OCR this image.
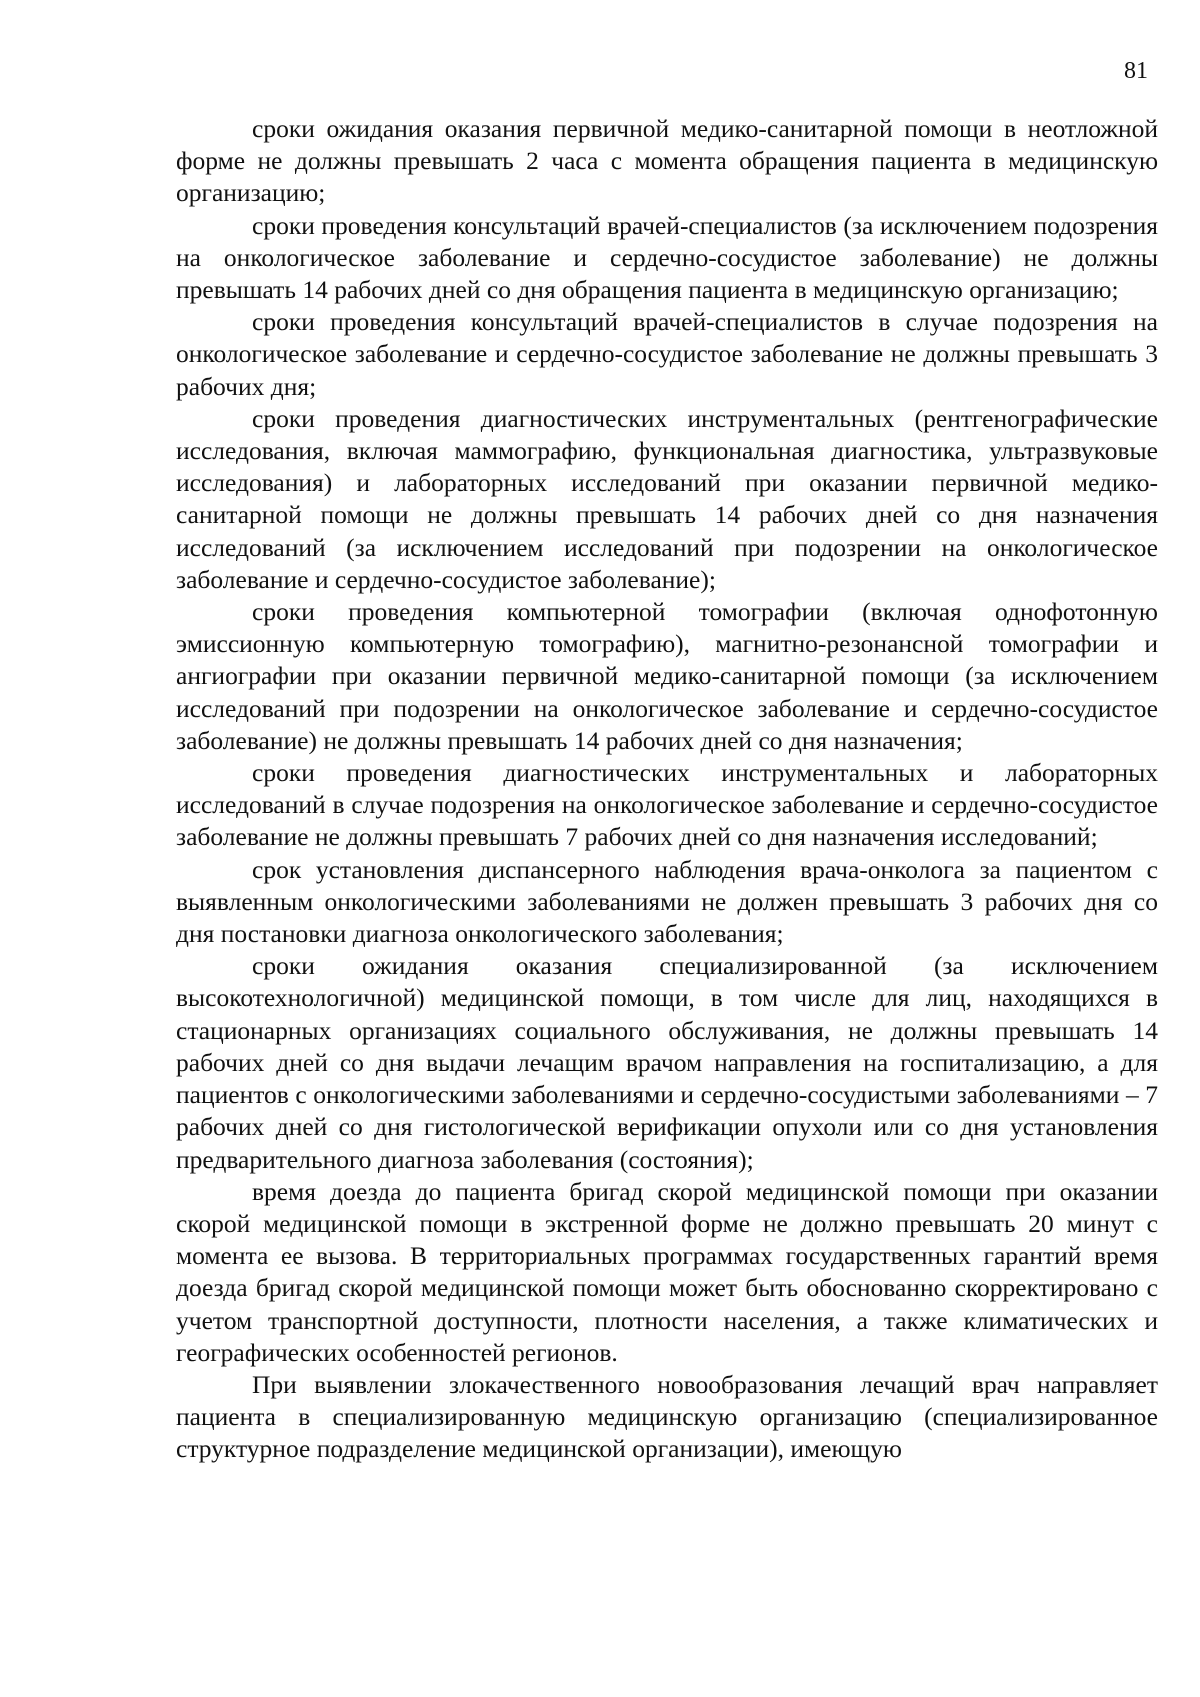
81

сроки ожидания оказания первичной медико-санитарной помощи в неотложной форме не должны превышать 2 часа с момента обращения пациента в медицинскую организацию;

сроки проведения консультаций врачей-специалистов (за исключением подозрения на онкологическое заболевание и сердечно-сосудистое заболевание) не должны превышать 14 рабочих дней со дня обращения пациента в медицинскую организацию;

сроки проведения консультаций врачей-специалистов в случае подозрения на онкологическое заболевание и сердечно-сосудистое заболевание не должны превышать 3 рабочих дня;

сроки проведения диагностических инструментальных (рентгенографические исследования, включая маммографию, функциональная диагностика, ультразвуковые исследования) и лабораторных исследований при оказании первичной медико-санитарной помощи не должны превышать 14 рабочих дней со дня назначения исследований (за исключением исследований при подозрении на онкологическое заболевание и сердечно-сосудистое заболевание);

сроки проведения компьютерной томографии (включая однофотонную эмиссионную компьютерную томографию), магнитно-резонансной томографии и ангиографии при оказании первичной медико-санитарной помощи (за исключением исследований при подозрении на онкологическое заболевание и сердечно-сосудистое заболевание) не должны превышать 14 рабочих дней со дня назначения;

сроки проведения диагностических инструментальных и лабораторных исследований в случае подозрения на онкологическое заболевание и сердечно-сосудистое заболевание не должны превышать 7 рабочих дней со дня назначения исследований;

срок установления диспансерного наблюдения врача-онколога за пациентом с выявленным онкологическими заболеваниями не должен превышать 3 рабочих дня со дня постановки диагноза онкологического заболевания;

сроки ожидания оказания специализированной (за исключением высокотехнологичной) медицинской помощи, в том числе для лиц, находящихся в стационарных организациях социального обслуживания, не должны превышать 14 рабочих дней со дня выдачи лечащим врачом направления на госпитализацию, а для пациентов с онкологическими заболеваниями и сердечно-сосудистыми заболеваниями – 7 рабочих дней со дня гистологической верификации опухоли или со дня установления предварительного диагноза заболевания (состояния);

время доезда до пациента бригад скорой медицинской помощи при оказании скорой медицинской помощи в экстренной форме не должно превышать 20 минут с момента ее вызова. В территориальных программах государственных гарантий время доезда бригад скорой медицинской помощи может быть обоснованно скорректировано с учетом транспортной доступности, плотности населения, а также климатических и географических особенностей регионов.

При выявлении злокачественного новообразования лечащий врач направляет пациента в специализированную медицинскую организацию (специализированное структурное подразделение медицинской организации), имеющую
